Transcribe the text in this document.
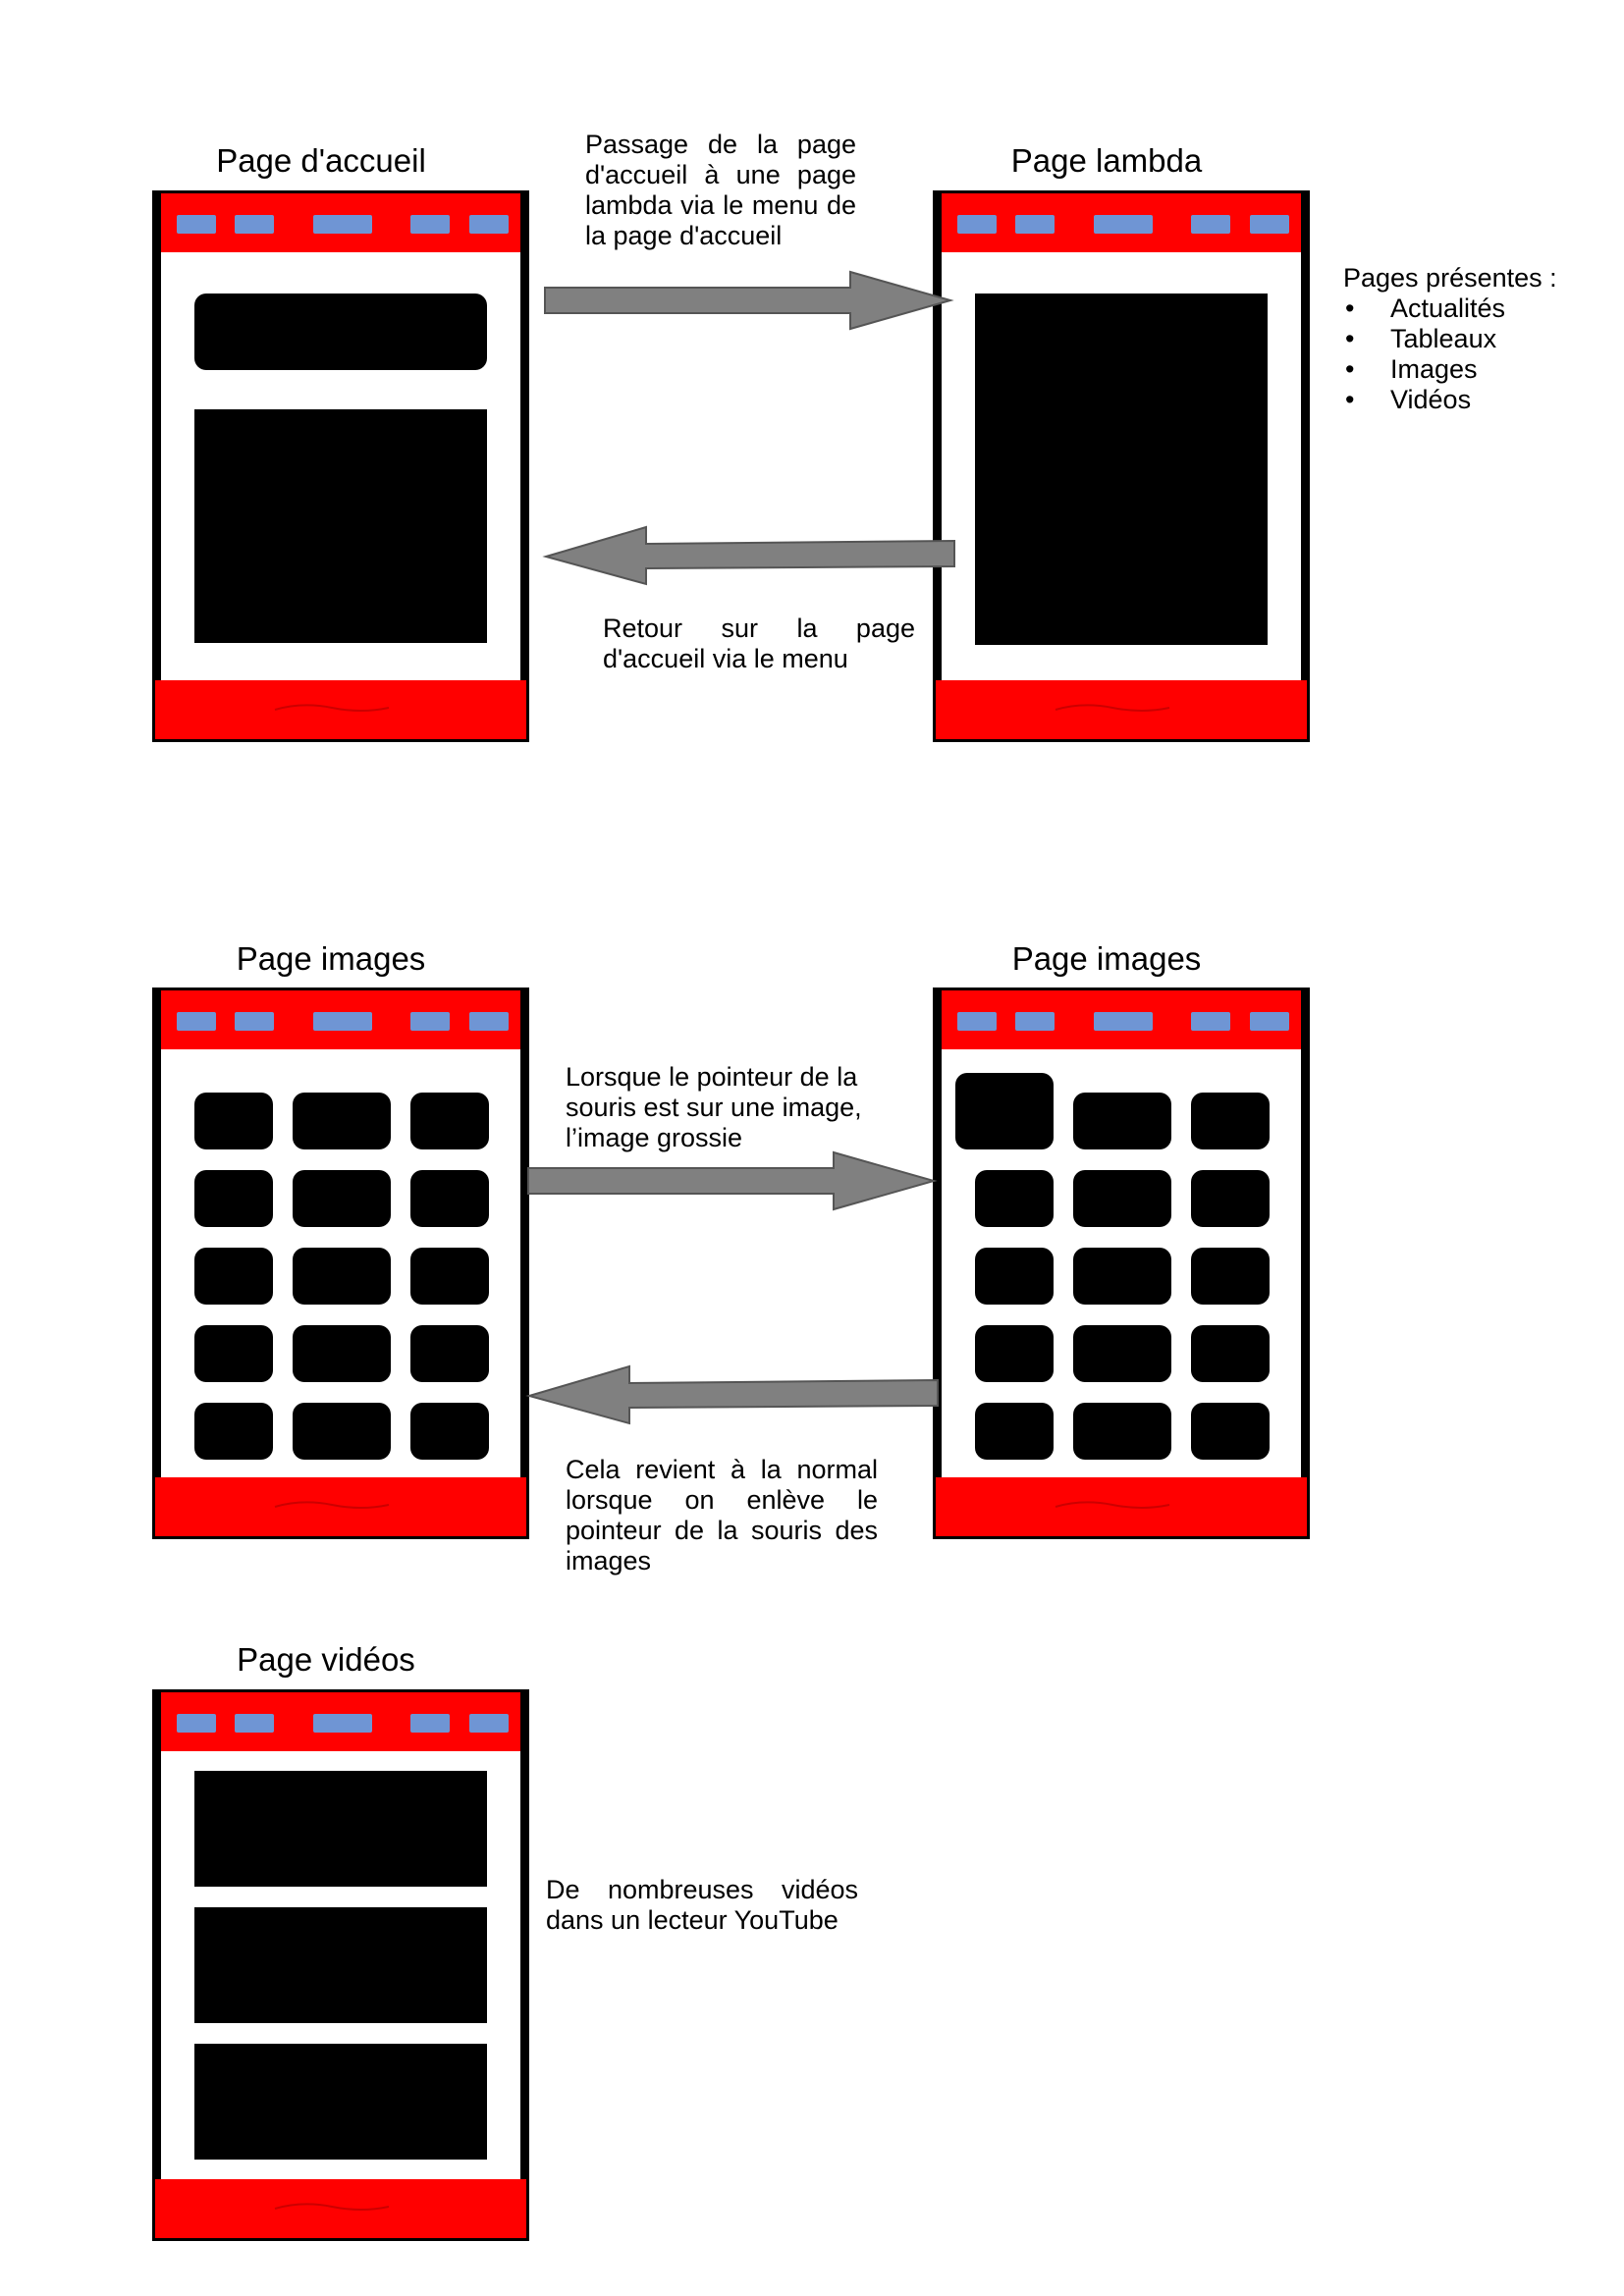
Page d'accueil	Page lambda
Passage de la page d'accueil à une page lambda via le menu de la page d'accueil
Retour sur la page d'accueil via le menu
Pages présentes :
• Actualités
• Tableaux
• Images
• Vidéos
Page images	Page images
Lorsque le pointeur de la souris est sur une image, l’image grossie
Cela revient à la normal lorsque on enlève le pointeur de la souris des images
Page vidéos
De nombreuses vidéos dans un lecteur YouTube
